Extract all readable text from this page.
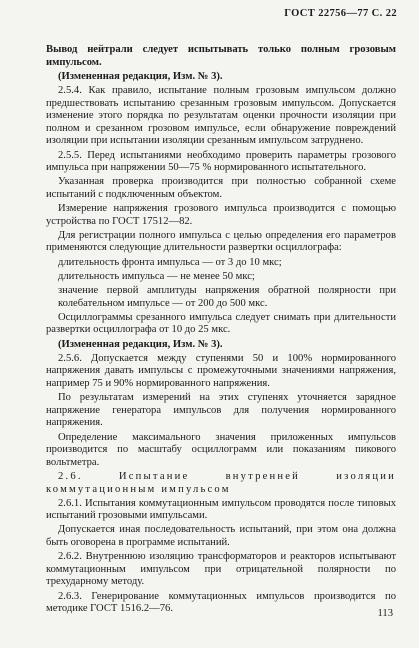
ГОСТ 22756—77 С. 22

Вывод нейтрали следует испытывать только полным грозовым импульсом.

(Измененная редакция, Изм. № 3).

2.5.4. Как правило, испытание полным грозовым импульсом должно предшествовать испытанию срезанным грозовым импульсом. Допускается изменение этого порядка по результатам оценки прочности изоляции при полном и срезанном грозовом импульсе, если обнаружение повреждений изоляции при испытании изоляции срезанным импульсом затруднено.

2.5.5. Перед испытаниями необходимо проверить параметры грозового импульса при напряжении 50—75 % нормированного испытательного.

Указанная проверка производится при полностью собранной схеме испытаний с подключенным объектом.

Измерение напряжения грозового импульса производится с помощью устройства по ГОСТ 17512—82.

Для регистрации полного импульса с целью определения его параметров применяются следующие длительности развертки осциллографа:

длительность фронта импульса — от 3 до 10 мкс;

длительность импульса — не менее 50 мкс;

значение первой амплитуды напряжения обратной полярности при колебательном импульсе — от 200 до 500 мкс.

Осциллограммы срезанного импульса следует снимать при длительности развертки осциллографа от 10 до 25 мкс.

(Измененная редакция, Изм. № 3).

2.5.6. Допускается между ступенями 50 и 100% нормированного напряжения давать импульсы с промежуточными значениями напряжения, например 75 и 90% нормированного напряжения.

По результатам измерений на этих ступенях уточняется зарядное напряжение генератора импульсов для получения нормированного напряжения.

Определение максимального значения приложенных импульсов производится по масштабу осциллограмм или показаниям пикового вольтметра.

2.6. Испытание внутренней изоляции коммутационным импульсом

2.6.1. Испытания коммутационным импульсом проводятся после типовых испытаний грозовыми импульсами.

Допускается иная последовательность испытаний, при этом она должна быть оговорена в программе испытаний.

2.6.2. Внутреннюю изоляцию трансформаторов и реакторов испытывают коммутационным импульсом при отрицательной полярности по трехударному методу.

2.6.3. Генерирование коммутационных импульсов производится по методике ГОСТ 1516.2—76.	113
